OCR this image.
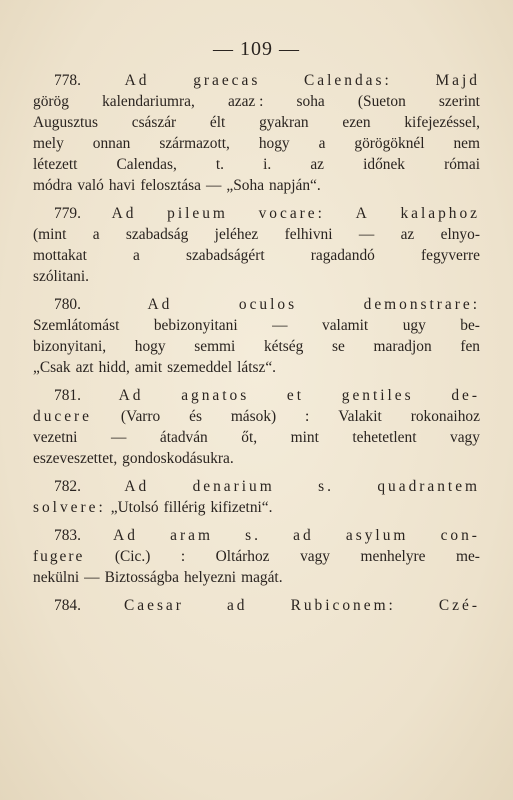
— 109 —
778.	Ad	graecas	Calendas:	Majd
görög kalendariumra, azaz : soha (Sueton szerint
Augusztus császár élt gyakran ezen kifejezéssel,
mely onnan származott, hogy a görögöknél nem
létezett	Calendas,	t.	i.	az	időnek	római
módra való havi felosztása — „Soha napján“.
779. Ad pileum vocare: A kalaphoz
(mint a szabadság jeléhez felhivni — az elnyo-
mottakat	a	szabadságért	ragadandó	fegyverre
szólitani.
780.	Ad	oculos	demonstrare:
Szemlátomást bebizonyitani — valamit ugy be-
bizonyitani, hogy semmi kétség se maradjon fen
„Csak azt hidd, amit szemeddel látsz“.
781. Ad agnatos et gentiles de-
ducere (Varro és mások) : Valakit rokonaihoz
vezetni — átadván őt, mint tehetetlent vagy
eszeveszettet, gondoskodásukra.
782.	Ad	denarium	s.	quadrantem
solvere: „Utolsó fillérig kifizetni“.
783. Ad aram s. ad asylum con-
fugere (Cic.) : Oltárhoz vagy menhelyre me-
nekülni — Biztosságba helyezni magát.
784.	Caesar	ad	Rubiconem:	Czé-
